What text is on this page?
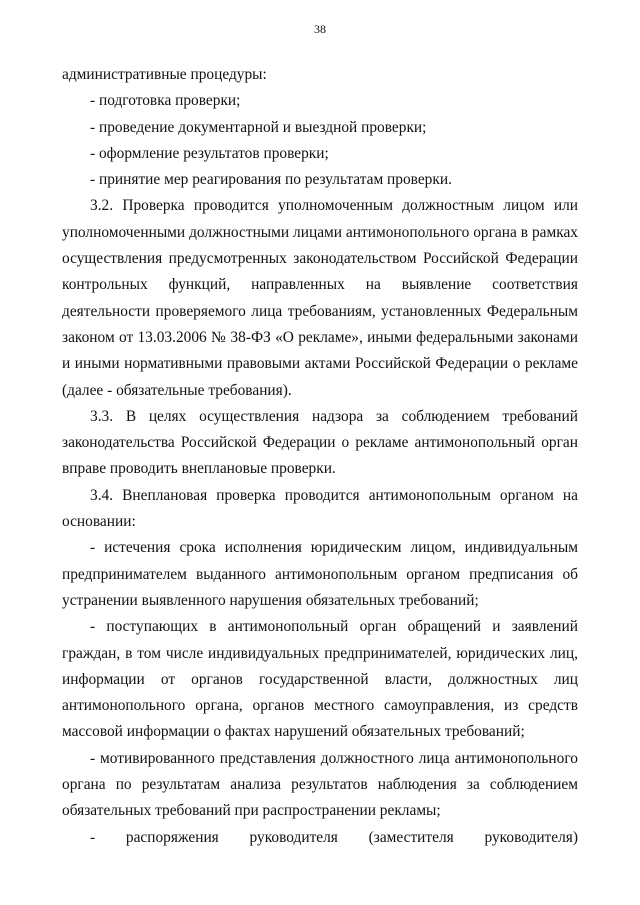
38

административные процедуры:

- подготовка проверки;

- проведение документарной и выездной проверки;

- оформление результатов проверки;

- принятие мер реагирования по результатам проверки.

3.2. Проверка проводится уполномоченным должностным лицом или уполномоченными должностными лицами антимонопольного органа в рамках осуществления предусмотренных законодательством Российской Федерации контрольных функций, направленных на выявление соответствия деятельности проверяемого лица требованиям, установленных Федеральным законом от 13.03.2006 № 38-ФЗ «О рекламе», иными федеральными законами и иными нормативными правовыми актами Российской Федерации о рекламе (далее - обязательные требования).

3.3. В целях осуществления надзора за соблюдением требований законодательства Российской Федерации о рекламе антимонопольный орган вправе проводить внеплановые проверки.

3.4. Внеплановая проверка проводится антимонопольным органом на основании:

- истечения срока исполнения юридическим лицом, индивидуальным предпринимателем выданного антимонопольным органом предписания об устранении выявленного нарушения обязательных требований;

- поступающих в антимонопольный орган обращений и заявлений граждан, в том числе индивидуальных предпринимателей, юридических лиц, информации от органов государственной власти, должностных лиц антимонопольного органа, органов местного самоуправления, из средств массовой информации о фактах нарушений обязательных требований;

- мотивированного представления должностного лица антимонопольного органа по результатам анализа результатов наблюдения за соблюдением обязательных требований при распространении рекламы;

- распоряжения руководителя (заместителя руководителя)
